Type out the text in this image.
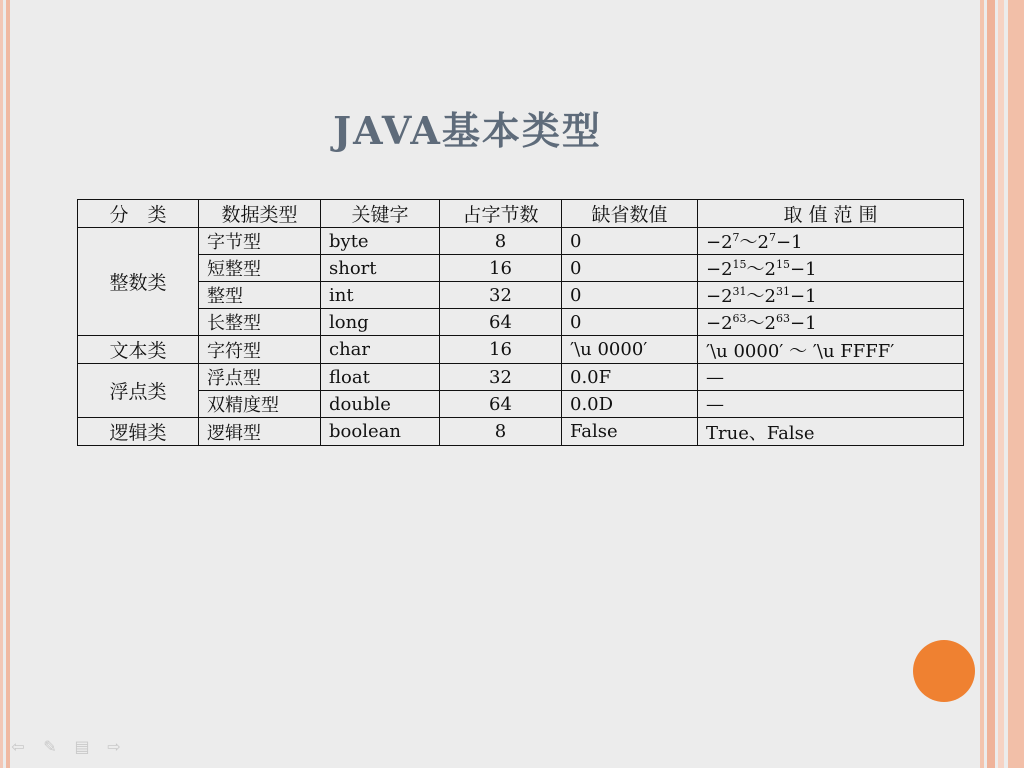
JAVA基本类型
分　类	数据类型	关键字	占字节数	缺省数值	取 值 范 围
整数类	字节型	byte	8	0	$-2^7\sim 2^7-1$
	短整型	short	16	0	$-2^{15}\sim 2^{15}-1$
	整型	int	32	0	$-2^{31}\sim 2^{31}-1$
	长整型	long	64	0	$-2^{63}\sim 2^{63}-1$
文本类	字符型	char	16	′\u 0000′	′\u 0000′ ～ ′\u FFFF′
浮点类	浮点型	float	32	0.0F	—
	双精度型	double	64	0.0D	—
逻辑类	逻辑型	boolean	8	False	True、False
⇦ ✎ ▤ ⇨
